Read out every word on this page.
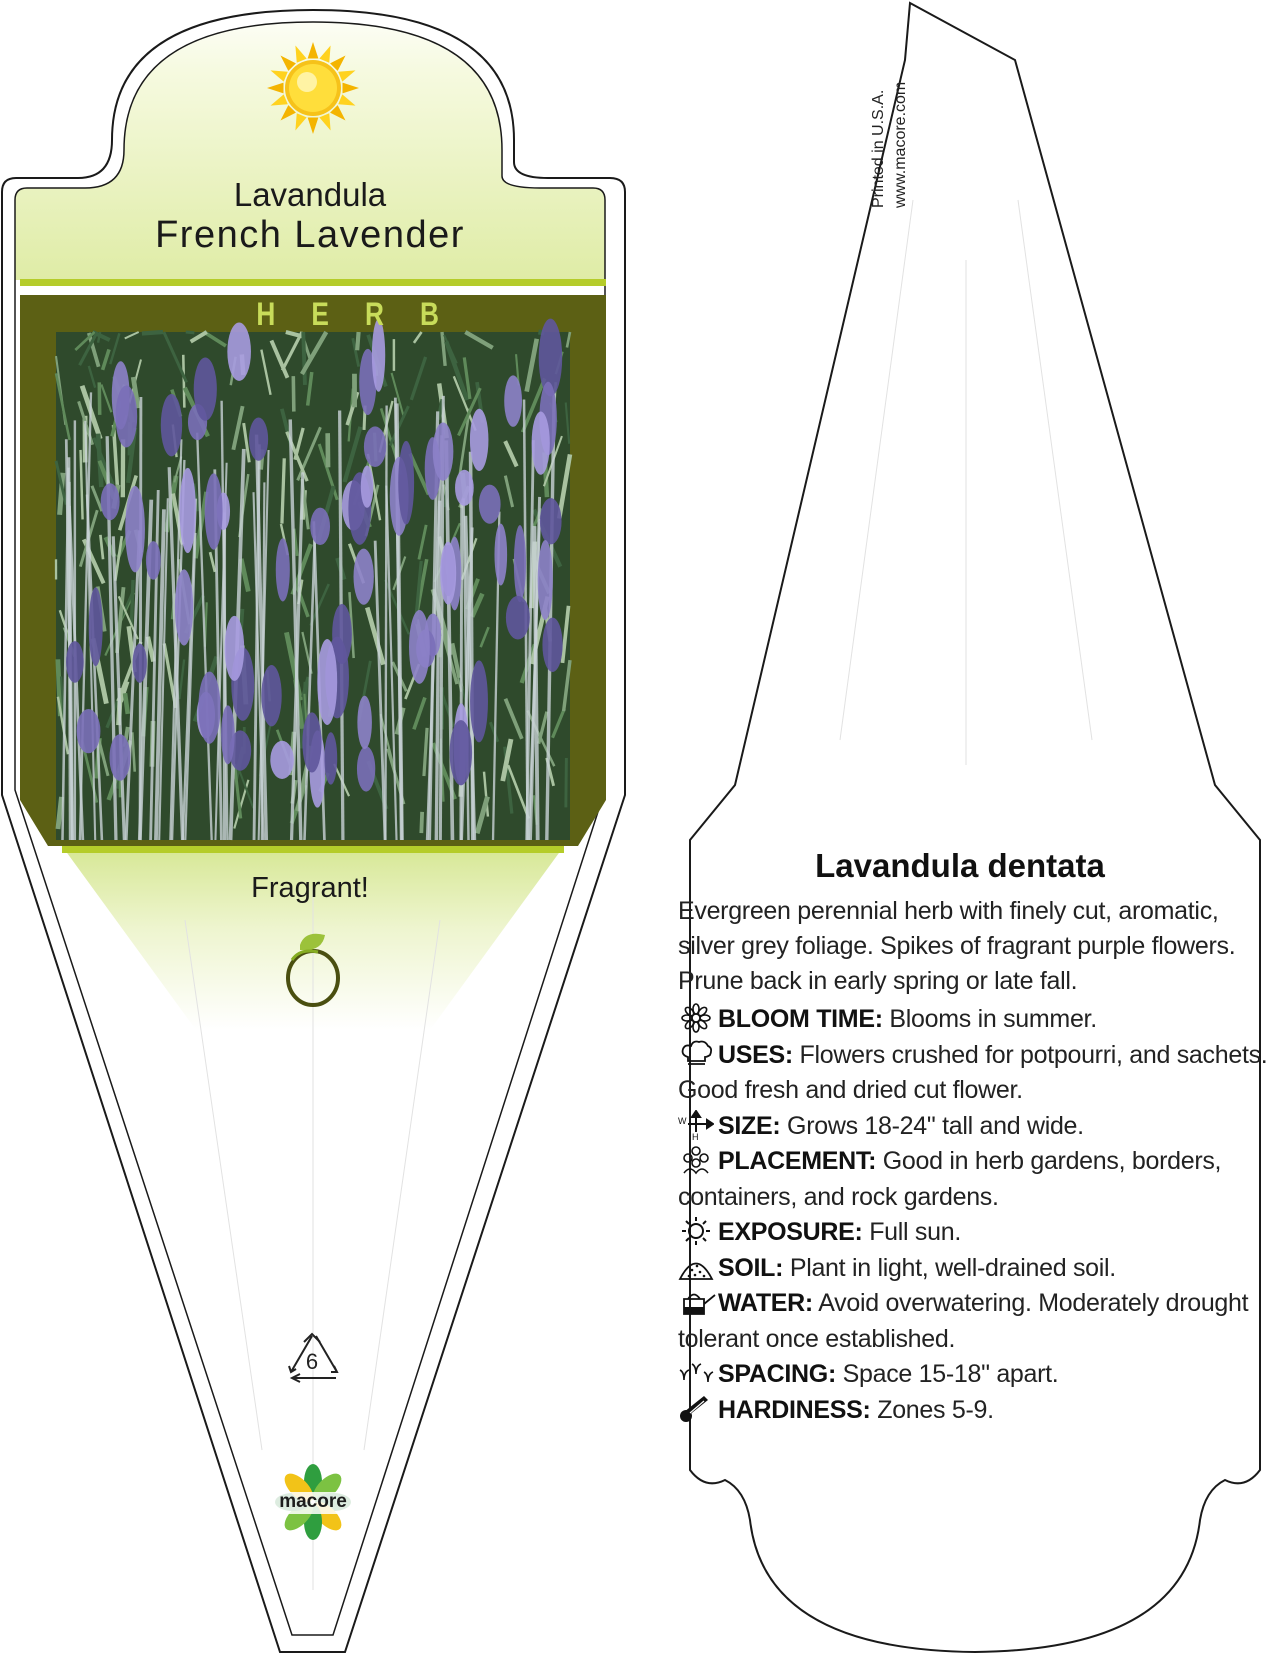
Lavandula
French Lavender
HERB
Fragrant!
6
macore
Printed in U.S.A. www.macore.com
Lavandula dentata
Evergreen perennial herb with finely cut, aromatic,
silver grey foliage. Spikes of fragrant purple flowers.
Prune back in early spring or late fall.
BLOOM TIME: Blooms in summer.
USES: Flowers crushed for potpourri, and sachets.
Good fresh and dried cut flower.
W
H SIZE: Grows 18-24" tall and wide.
PLACEMENT: Good in herb gardens, borders,
containers, and rock gardens.
EXPOSURE: Full sun.
SOIL: Plant in light, well-drained soil.
WATER: Avoid overwatering. Moderately drought
tolerant once established.
SPACING: Space 15-18" apart.
HARDINESS: Zones 5-9.
